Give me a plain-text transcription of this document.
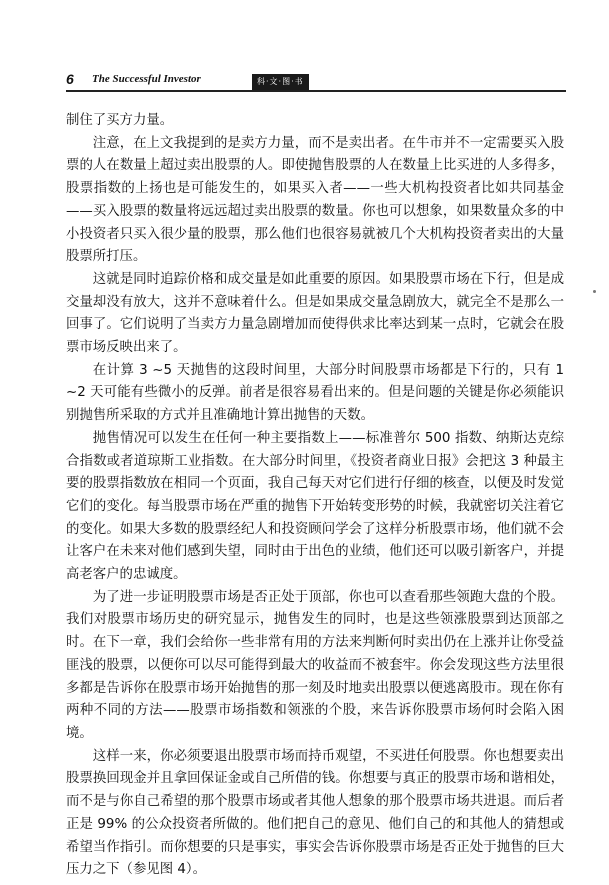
6 The Successful Investor	科·文·图·书

制住了买方力量。

注意，在上文我提到的是卖方力量，而不是卖出者。在牛市并不一定需要买入股票的人在数量上超过卖出股票的人。即使抛售股票的人在数量上比买进的人多得多，股票指数的上扬也是可能发生的，如果买入者——一些大机构投资者比如共同基金——买入股票的数量将远远超过卖出股票的数量。你也可以想象，如果数量众多的中小投资者只买入很少量的股票，那么他们也很容易就被几个大机构投资者卖出的大量股票所打压。

这就是同时追踪价格和成交量是如此重要的原因。如果股票市场在下行，但是成交量却没有放大，这并不意味着什么。但是如果成交量急剧放大，就完全不是那么一回事了。它们说明了当卖方力量急剧增加而使得供求比率达到某一点时，它就会在股票市场反映出来了。

在计算 3 ~5 天抛售的这段时间里，大部分时间股票市场都是下行的，只有 1 ~2 天可能有些微小的反弹。前者是很容易看出来的。但是问题的关键是你必须能识别抛售所采取的方式并且准确地计算出抛售的天数。

抛售情况可以发生在任何一种主要指数上——标准普尔 500 指数、纳斯达克综合指数或者道琼斯工业指数。在大部分时间里，《投资者商业日报》会把这 3 种最主要的股票指数放在相同一个页面，我自己每天对它们进行仔细的核查，以便及时发觉它们的变化。每当股票市场在严重的抛售下开始转变形势的时候，我就密切关注着它的变化。如果大多数的股票经纪人和投资顾问学会了这样分析股票市场，他们就不会让客户在未来对他们感到失望，同时由于出色的业绩，他们还可以吸引新客户，并提高老客户的忠诚度。

为了进一步证明股票市场是否正处于顶部，你也可以查看那些领跑大盘的个股。我们对股票市场历史的研究显示，抛售发生的同时，也是这些领涨股票到达顶部之时。在下一章，我们会给你一些非常有用的方法来判断何时卖出仍在上涨并让你受益匪浅的股票，以便你可以尽可能得到最大的收益而不被套牢。你会发现这些方法里很多都是告诉你在股票市场开始抛售的那一刻及时地卖出股票以便逃离股市。现在你有两种不同的方法——股票市场指数和领涨的个股，来告诉你股票市场何时会陷入困境。

这样一来，你必须要退出股票市场而持币观望，不买进任何股票。你也想要卖出股票换回现金并且拿回保证金或自己所借的钱。你想要与真正的股票市场和谐相处，而不是与你自己希望的那个股票市场或者其他人想象的那个股票市场共进退。而后者正是 99% 的公众投资者所做的。他们把自己的意见、他们自己的和其他人的猜想或希望当作指引。而你想要的只是事实，事实会告诉你股票市场是否正处于抛售的巨大压力之下（参见图 4）。
